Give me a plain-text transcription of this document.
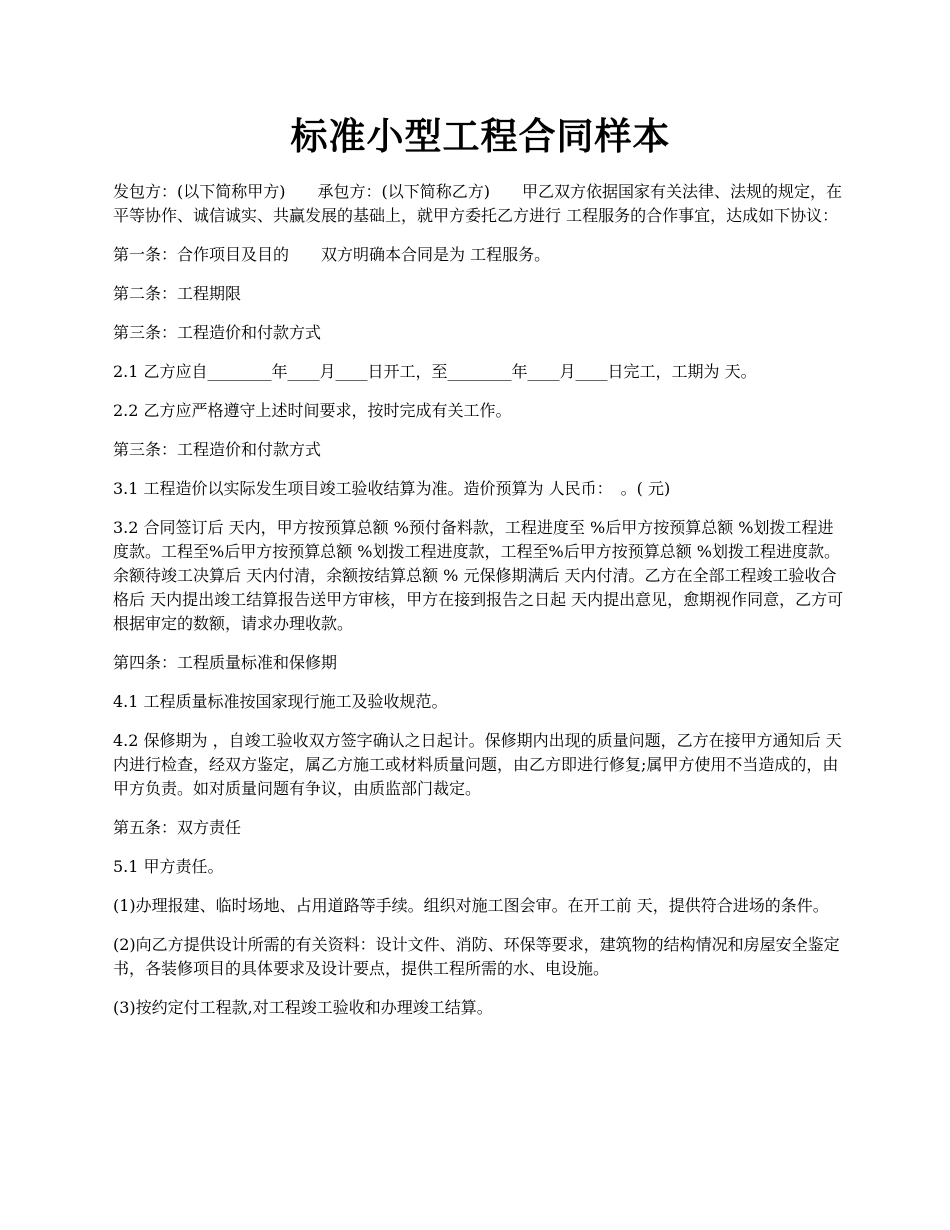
标准小型工程合同样本

发包方：(以下简称甲方)　　承包方：(以下简称乙方)　　甲乙双方依据国家有关法律、法规的规定，在平等协作、诚信诚实、共赢发展的基础上，就甲方委托乙方进行 工程服务的合作事宜，达成如下协议：

第一条：合作项目及目的　　双方明确本合同是为 工程服务。

第二条：工程期限

第三条：工程造价和付款方式

2.1 乙方应自________年____月____日开工，至________年____月____日完工，工期为 天。

2.2 乙方应严格遵守上述时间要求，按时完成有关工作。

第三条：工程造价和付款方式

3.1 工程造价以实际发生项目竣工验收结算为准。造价预算为 人民币：　。( 元)

3.2 合同签订后 天内，甲方按预算总额 %预付备料款，工程进度至 %后甲方按预算总额 %划拨工程进度款。工程至%后甲方按预算总额 %划拨工程进度款，工程至%后甲方按预算总额 %划拨工程进度款。余额待竣工决算后 天内付清，余额按结算总额 % 元保修期满后 天内付清。乙方在全部工程竣工验收合格后 天内提出竣工结算报告送甲方审核，甲方在接到报告之日起 天内提出意见，愈期视作同意，乙方可根据审定的数额，请求办理收款。

第四条：工程质量标准和保修期

4.1 工程质量标准按国家现行施工及验收规范。

4.2 保修期为 ，自竣工验收双方签字确认之日起计。保修期内出现的质量问题，乙方在接甲方通知后 天内进行检查，经双方鉴定，属乙方施工或材料质量问题，由乙方即进行修复;属甲方使用不当造成的，由甲方负责。如对质量问题有争议，由质监部门裁定。

第五条：双方责任

5.1 甲方责任。

(1)办理报建、临时场地、占用道路等手续。组织对施工图会审。在开工前 天，提供符合进场的条件。

(2)向乙方提供设计所需的有关资料：设计文件、消防、环保等要求，建筑物的结构情况和房屋安全鉴定书，各装修项目的具体要求及设计要点，提供工程所需的水、电设施。

(3)按约定付工程款,对工程竣工验收和办理竣工结算。
